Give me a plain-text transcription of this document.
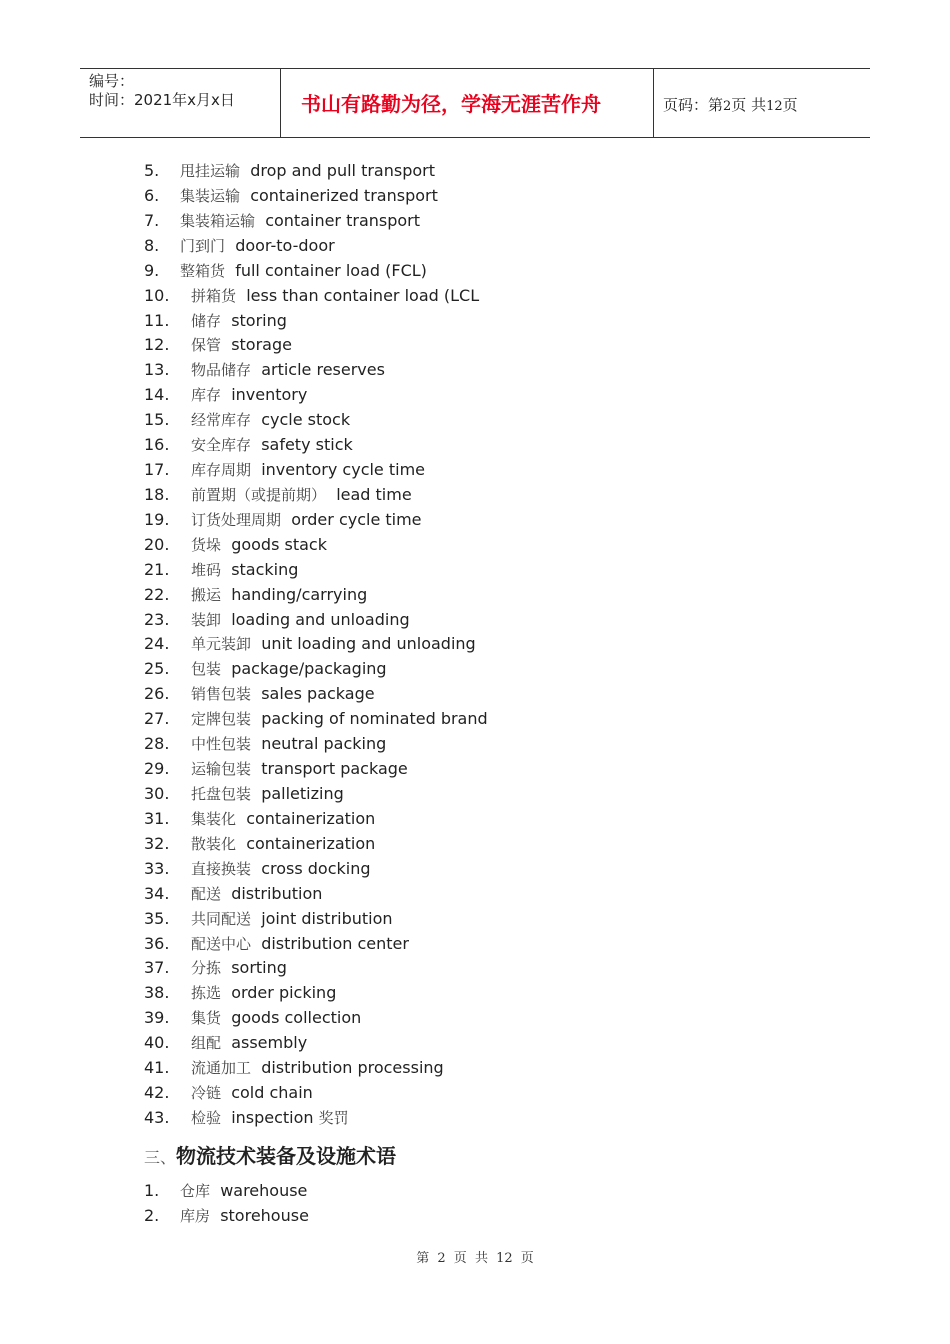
编号：
时间：2021年x月x日	书山有路勤为径，学海无涯苦作舟	页码：第2页 共12页
5. 甩挂运输 drop and pull transport
6. 集装运输 containerized transport
7. 集装箱运输 container transport
8. 门到门 door-to-door
9. 整箱货 full container load (FCL)
10. 拼箱货 less than container load (LCL
11. 储存 storing
12. 保管 storage
13. 物品储存 article reserves
14. 库存 inventory
15. 经常库存 cycle stock
16. 安全库存 safety stick
17. 库存周期 inventory cycle time
18. 前置期（或提前期） lead time
19. 订货处理周期 order cycle time
20. 货垛 goods stack
21. 堆码 stacking
22. 搬运 handing/carrying
23. 装卸 loading and unloading
24. 单元装卸 unit loading and unloading
25. 包装 package/packaging
26. 销售包装 sales package
27. 定牌包装 packing of nominated brand
28. 中性包装 neutral packing
29. 运输包装 transport package
30. 托盘包装 palletizing
31. 集装化 containerization
32. 散装化 containerization
33. 直接换装 cross docking
34. 配送 distribution
35. 共同配送 joint distribution
36. 配送中心 distribution center
37. 分拣 sorting
38. 拣选 order picking
39. 集货 goods collection
40. 组配 assembly
41. 流通加工 distribution processing
42. 冷链 cold chain
43. 检验 inspection 奖罚
三、物流技术装备及设施术语
1. 仓库 warehouse
2. 库房 storehouse
第 2 页 共 12 页
